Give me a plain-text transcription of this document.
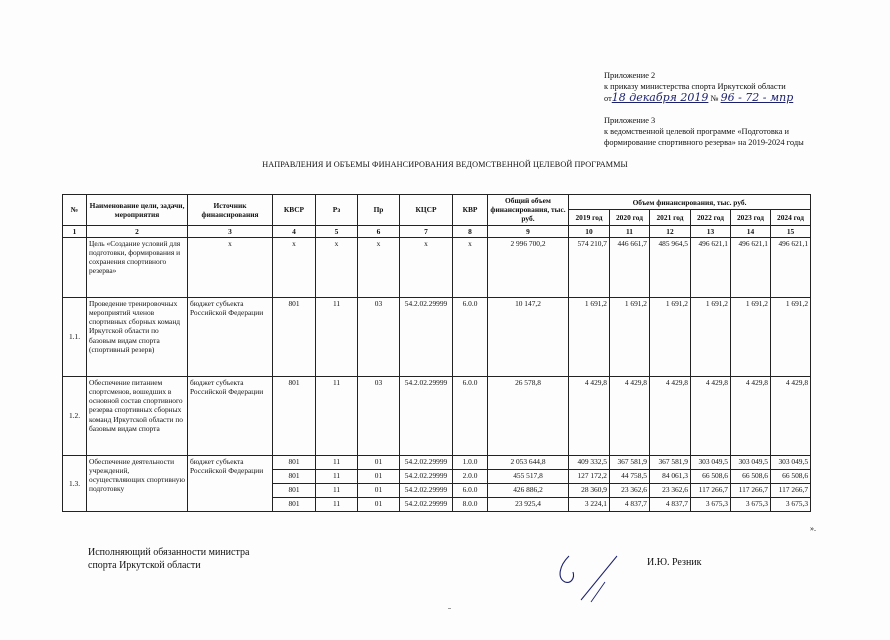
Приложение 2
к приказу министерства спорта Иркутской области
от18 декабря 2019 № 96 - 72 - мпр
Приложение 3
к ведомственной целевой программе «Подготовка и
формирование спортивного резерва» на 2019-2024 годы
НАПРАВЛЕНИЯ И ОБЪЕМЫ ФИНАНСИРОВАНИЯ ВЕДОМСТВЕННОЙ ЦЕЛЕВОЙ ПРОГРАММЫ
№	Наименование цели, задачи, мероприятия	Источник финансирования	КВСР	Рз	Пр	КЦСР	КВР	Общий объем финансирования, тыс. руб.	Объем финансирования, тыс. руб.					
									2019 год	2020 год	2021 год	2022 год	2023 год	2024 год
1	2	3	4	5	6	7	8	9	10	11	12	13	14	15
	Цель «Создание условий для подготовки, формирования и сохранения спортивного резерва»	х	х	х	х	х	х	2 996 700,2	574 210,7	446 661,7	485 964,5	496 621,1	496 621,1	496 621,1
1.1.	Проведение тренировочных мероприятий членов спортивных сборных команд Иркутской области по базовым видам спорта (спортивный резерв)	бюджет субъекта Российской Федерации	801	11	03	54.2.02.29999	6.0.0	10 147,2	1 691,2	1 691,2	1 691,2	1 691,2	1 691,2	1 691,2
1.2.	Обеспечение питанием спортсменов, вошедших в основной состав спортивного резерва спортивных сборных команд Иркутской области по базовым видам спорта	бюджет субъекта Российской Федерации	801	11	03	54.2.02.29999	6.0.0	26 578,8	4 429,8	4 429,8	4 429,8	4 429,8	4 429,8	4 429,8
1.3.	Обеспечение деятельности учреждений, осуществляющих спортивную подготовку	бюджет субъекта Российской Федерации	801	11	01	54.2.02.29999	1.0.0	2 053 644,8	409 332,5	367 581,9	367 581,9	303 049,5	303 049,5	303 049,5
			801	11	01	54.2.02.29999	2.0.0	455 517,8	127 172,2	44 758,5	84 061,3	66 508,6	66 508,6	66 508,6
			801	11	01	54.2.02.29999	6.0.0	426 886,2	28 360,9	23 362,6	23 362,6	117 266,7	117 266,7	117 266,7
			801	11	01	54.2.02.29999	8.0.0	23 925,4	3 224,1	4 837,7	4 837,7	3 675,3	3 675,3	3 675,3
».
Исполняющий обязанности министра
спорта Иркутской области	И.Ю. Резник
